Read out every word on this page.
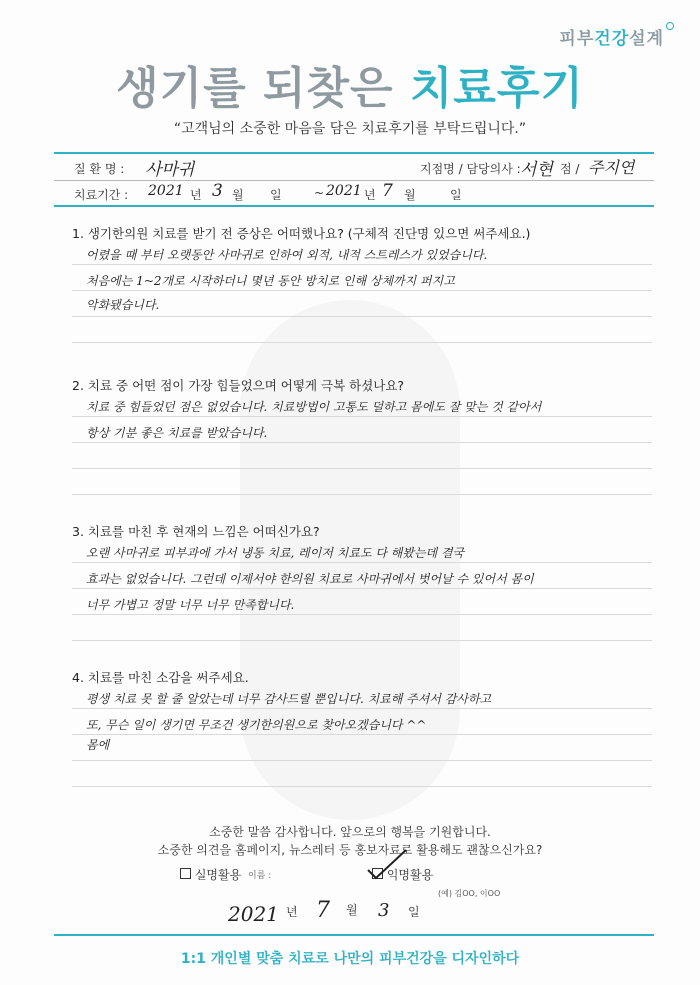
피부건강설계
생기를 되찾은 치료후기
“고객님의 소중한 마음을 담은 치료후기를 부탁드립니다.”
질 환 명 : 사마귀	지점명 / 담당의사 : 서현 점 / 주지연
치료기간 : 2021 년 3 월 일	~ 2021 년 7 월	일
1. 생기한의원 치료를 받기 전 증상은 어떠했나요? (구체적 진단명 있으면 써주세요.)
어렸을 때 부터 오랫동안 사마귀로 인하여 외적, 내적 스트레스가 있었습니다.
처음에는 1~2개로 시작하더니 몇년 동안 방치로 인해 상체까지 퍼지고
악화됐습니다.
2. 치료 중 어떤 점이 가장 힘들었으며 어떻게 극복 하셨나요?
치료 중 힘들었던 점은 없었습니다. 치료방법이 고통도 덜하고 몸에도 잘 맞는 것 같아서
항상 기분 좋은 치료를 받았습니다.
3. 치료를 마친 후 현재의 느낌은 어떠신가요?
오랜 사마귀로 피부과에 가서 냉동 치료, 레이저 치료도 다 해봤는데 결국
효과는 없었습니다. 그런데 이제서야 한의원 치료로 사마귀에서 벗어날 수 있어서 몸이
너무 가볍고 정말 너무 너무 만족합니다.
4. 치료를 마친 소감을 써주세요.
평생 치료 못 할 줄 알았는데 너무 감사드릴 뿐입니다. 치료해 주셔서 감사하고
또, 무슨 일이 생기면 무조건 생기한의원으로 찾아오겠습니다 ^^
몸에
소중한 말씀 감사합니다. 앞으로의 행복을 기원합니다.
소중한 의견을 홈페이지, 뉴스레터 등 홍보자료로 활용해도 괜찮으신가요?
실명활용 이름 :	익명활용
(예) 김OO, 이OO
2021 년 7 월 3 일
1:1 개인별 맞춤 치료로 나만의 피부건강을 디자인하다
